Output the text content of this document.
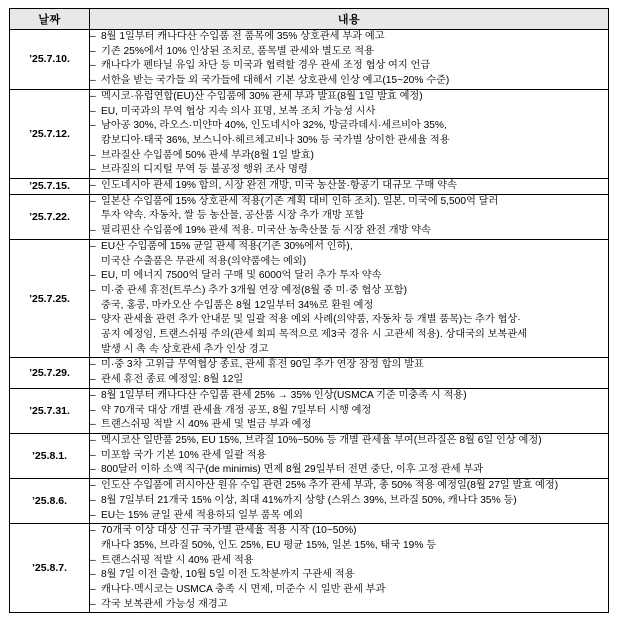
날짜	내용
’25.7.10.	
– 8월 1일부터 캐나다산 수입품 전 품목에 35% 상호관세 부과 예고
– 기존 25%에서 10% 인상된 조치로, 품목별 관세와 별도로 적용
– 캐나다가 펜타닐 유입 차단 등 미국과 협력할 경우 관세 조정 협상 여지 언급
– 서한을 받는 국가들 외 국가들에 대해서 기본 상호관세 인상 예고(15~20% 수준)

’25.7.12.	
– 멕시코·유럽연합(EU)산 수입품에 30% 관세 부과 발표(8월 1일 발효 예정)
– EU, 미국과의 무역 협상 지속 의사 표명, 보복 조치 가능성 시사
– 남아공 30%, 라오스·미얀마 40%, 인도네시아 32%, 방글라데시·세르비아 35%,
캄보디아·태국 36%, 보스니아·헤르체고비나 30% 등 국가별 상이한 관세율 적용
– 브라질산 수입품에 50% 관세 부과(8월 1일 발효)
– 브라질의 디지털 무역 등 불공정 행위 조사 명령

’25.7.15.	
–인도네시아 관세 19% 합의, 시장 완전 개방, 미국 농산물·항공기 대규모 구매 약속

’25.7.22.	
– 일본산 수입품에 15% 상호관세 적용(기존 계획 대비 인하 조치). 일본, 미국에 5,500억 달러
투자 약속. 자동차, 쌀 등 농산물, 공산품 시장 추가 개방 포함
– 필리핀산 수입품에 19% 관세 적용. 미국산 농축산물 등 시장 완전 개방 약속

’25.7.25.	
– EU산 수입품에 15% 균일 관세 적용(기존 30%에서 인하),
미국산 수출품은 무관세 적용(의약품에는 예외)
– EU, 미 에너지 7500억 달러 구매 및 6000억 달러 추가 투자 약속
– 미·중 관세 휴전(트루스) 추가 3개월 연장 예정(8월 중 미·중 협상 포함)
중국, 홍콩, 마카오산 수입품은 8월 12일부터 34%로 환원 예정
– 양자 관세율 관련 추가 안내문 및 일괄 적용 예외 사례(의약품, 자동차 등 개별 품목)는 추가 협상·
공지 예정임, 트랜스쉬핑 주의(관세 회피 목적으로 제3국 경유 시 고관세 적용). 상대국의 보복관세
발생 시 촉 속 상호관세 추가 인상 경고

’25.7.29.	
– 미·중 3차 고위급 무역협상 종료, 관세 휴전 90일 추가 연장 잠정 합의 발표
– 관세 휴전 종료 예정일: 8월 12일

’25.7.31.	
– 8월 1일부터 캐나다산 수입품 관세 25% → 35% 인상(USMCA 기준 미충족 시 적용)
– 약 70개국 대상 개별 관세율 개정 공포, 8월 7일부터 시행 예정
– 트랜스쉬핑 적발 시 40% 관세 및 벌금 부과 예정

’25.8.1.	
– 멕시코산 일반품 25%, EU 15%, 브라질 10%~50% 등 개별 관세율 부여(브라질은 8월 6일 인상 예정)
– 미포함 국가 기본 10% 관세 일괄 적용
– 800달러 이하 소액 직구(de minimis) 면제 8월 29일부터 전면 중단, 이후 고정 관세 부과

’25.8.6.	
– 인도산 수입품에 러시아산 원유 수입 관련 25% 추가 관세 부과, 총 50% 적용 예정일(8월 27일 발효 예정)
– 8월 7일부터 21개국 15% 이상, 최대 41%까지 상향 (스위스 39%, 브라질 50%, 캐나다 35% 등)
– EU는 15% 균일 관세 적용하되 일부 품목 예외

’25.8.7.	
– 70개국 이상 대상 신규 국가별 관세율 적용 시작 (10~50%)
캐나다 35%, 브라질 50%, 인도 25%, EU 평균 15%, 일본 15%, 태국 19% 등
– 트랜스쉬핑 적발 시 40% 관세 적용
– 8월 7일 이전 출항, 10월 5일 이전 도착분까지 구관세 적용
– 캐나다·멕시코는 USMCA 충족 시 면제, 미준수 시 일반 관세 부과
– 각국 보복관세 가능성 재경고
